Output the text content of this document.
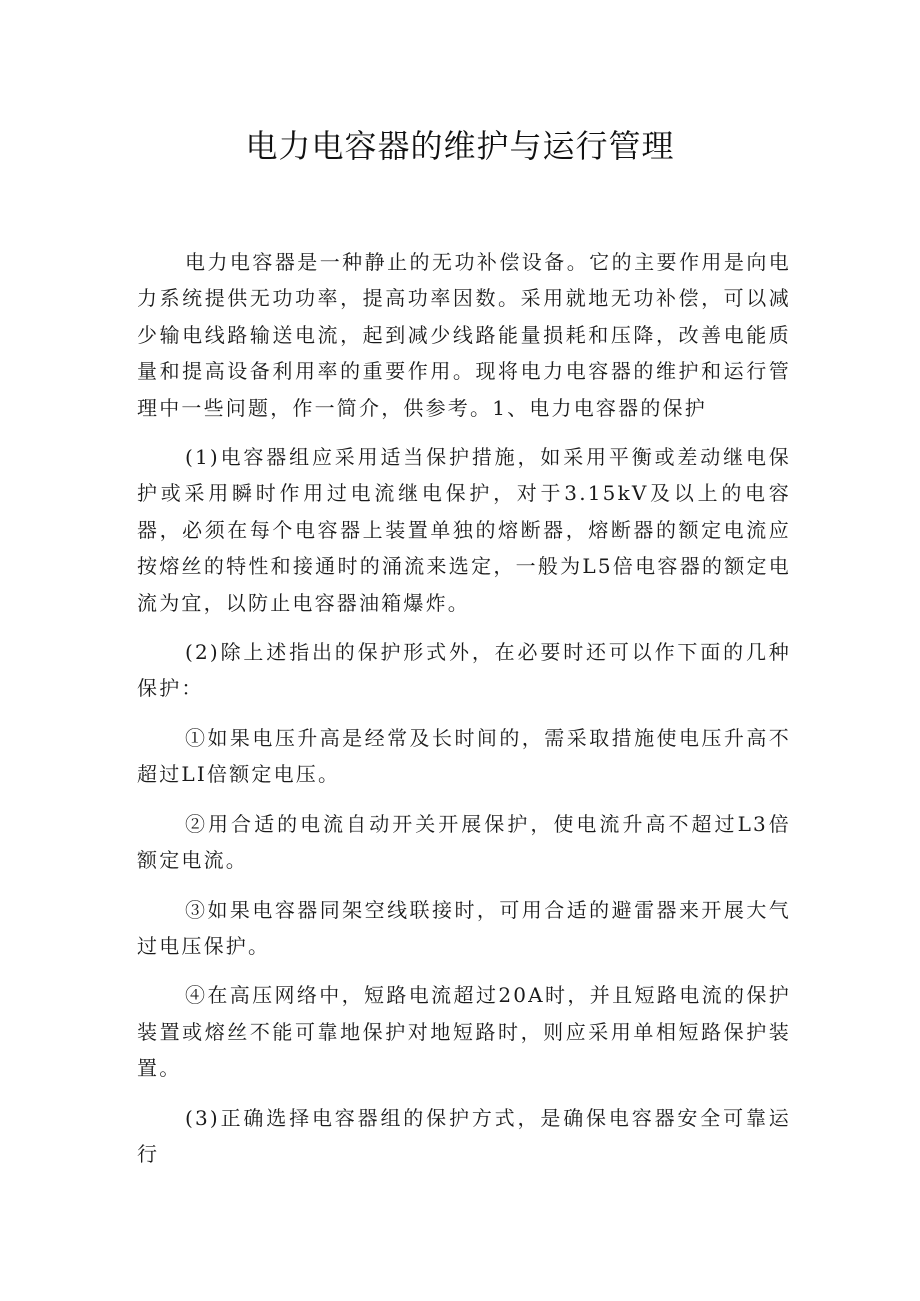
电力电容器的维护与运行管理

电力电容器是一种静止的无功补偿设备。它的主要作用是向电力系统提供无功功率，提高功率因数。采用就地无功补偿，可以减少输电线路输送电流，起到减少线路能量损耗和压降，改善电能质量和提高设备利用率的重要作用。现将电力电容器的维护和运行管理中一些问题，作一简介，供参考。1、电力电容器的保护

(1)电容器组应采用适当保护措施，如采用平衡或差动继电保护或采用瞬时作用过电流继电保护，对于3.15kV及以上的电容器，必须在每个电容器上装置单独的熔断器，熔断器的额定电流应按熔丝的特性和接通时的涌流来选定，一般为L5倍电容器的额定电流为宜，以防止电容器油箱爆炸。

(2)除上述指出的保护形式外，在必要时还可以作下面的几种保护：

①如果电压升高是经常及长时间的，需采取措施使电压升高不超过LI倍额定电压。

②用合适的电流自动开关开展保护，使电流升高不超过L3倍额定电流。

③如果电容器同架空线联接时，可用合适的避雷器来开展大气过电压保护。

④在高压网络中，短路电流超过20A时，并且短路电流的保护装置或熔丝不能可靠地保护对地短路时，则应采用单相短路保护装置。

(3)正确选择电容器组的保护方式，是确保电容器安全可靠运行
